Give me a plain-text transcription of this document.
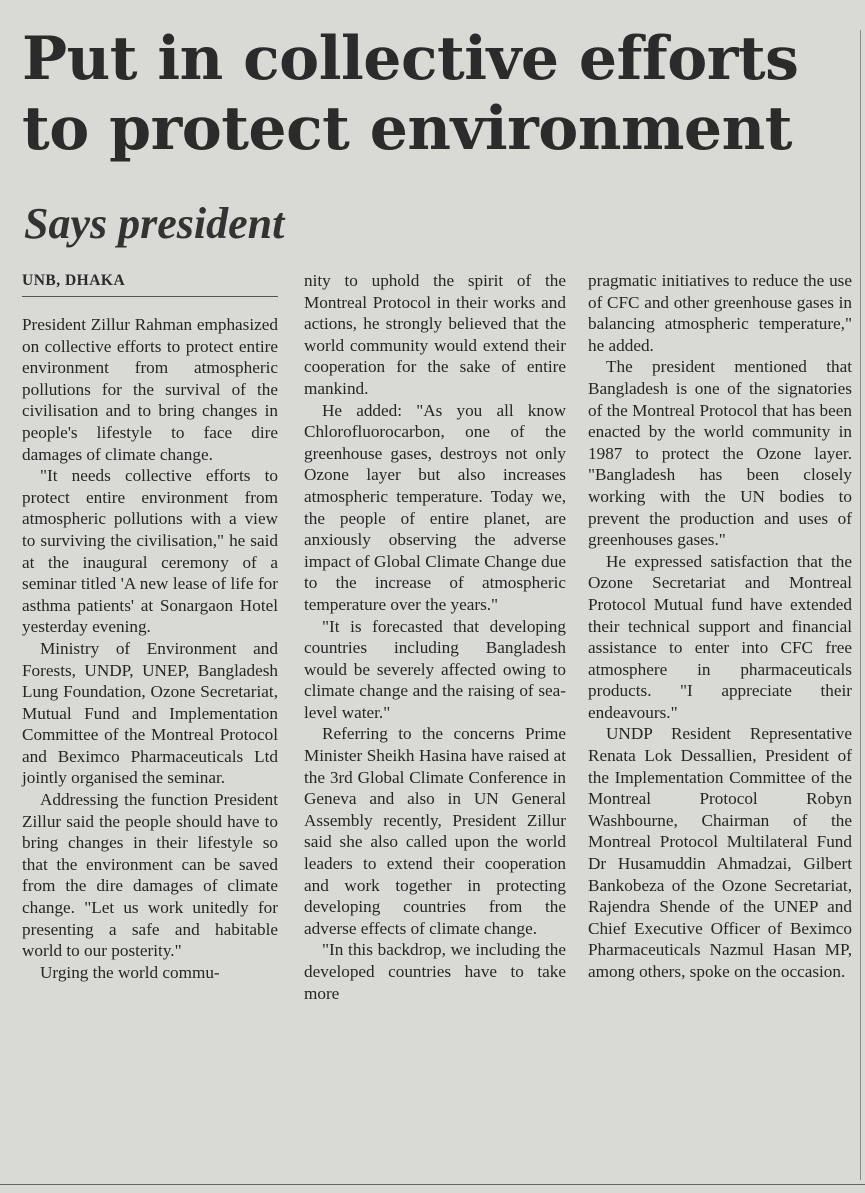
Put in collective efforts to protect environment
Says president
UNB, DHAKA

President Zillur Rahman emphasized on collective efforts to protect entire environment from atmospheric pollutions for the survival of the civilisation and to bring changes in people's lifestyle to face dire damages of climate change.

"It needs collective efforts to protect entire environment from atmospheric pollutions with a view to surviving the civilisation," he said at the inaugural ceremony of a seminar titled 'A new lease of life for asthma patients' at Sonargaon Hotel yesterday evening.

Ministry of Environment and Forests, UNDP, UNEP, Bangladesh Lung Foundation, Ozone Secretariat, Mutual Fund and Implementation Committee of the Montreal Protocol and Beximco Pharmaceuticals Ltd jointly organised the seminar.

Addressing the function President Zillur said the people should have to bring changes in their lifestyle so that the environment can be saved from the dire damages of climate change. "Let us work unitedly for presenting a safe and habitable world to our posterity."

Urging the world commu-

nity to uphold the spirit of the Montreal Protocol in their works and actions, he strongly believed that the world community would extend their cooperation for the sake of entire mankind.

He added: "As you all know Chlorofluorocarbon, one of the greenhouse gases, destroys not only Ozone layer but also increases atmospheric temperature. Today we, the people of entire planet, are anxiously observing the adverse impact of Global Climate Change due to the increase of atmospheric temperature over the years."

"It is forecasted that developing countries including Bangladesh would be severely affected owing to climate change and the raising of sea-level water."

Referring to the concerns Prime Minister Sheikh Hasina have raised at the 3rd Global Climate Conference in Geneva and also in UN General Assembly recently, President Zillur said she also called upon the world leaders to extend their cooperation and work together in protecting developing countries from the adverse effects of climate change.

"In this backdrop, we including the developed countries have to take more

pragmatic initiatives to reduce the use of CFC and other greenhouse gases in balancing atmospheric temperature," he added.

The president mentioned that Bangladesh is one of the signatories of the Montreal Protocol that has been enacted by the world community in 1987 to protect the Ozone layer. "Bangladesh has been closely working with the UN bodies to prevent the production and uses of greenhouses gases."

He expressed satisfaction that the Ozone Secretariat and Montreal Protocol Mutual fund have extended their technical support and financial assistance to enter into CFC free atmosphere in pharmaceuticals products. "I appreciate their endeavours."

UNDP Resident Representative Renata Lok Dessallien, President of the Implementation Committee of the Montreal Protocol Robyn Washbourne, Chairman of the Montreal Protocol Multilateral Fund Dr Husamuddin Ahmadzai, Gilbert Bankobeza of the Ozone Secretariat, Rajendra Shende of the UNEP and Chief Executive Officer of Beximco Pharmaceuticals Nazmul Hasan MP, among others, spoke on the occasion.
